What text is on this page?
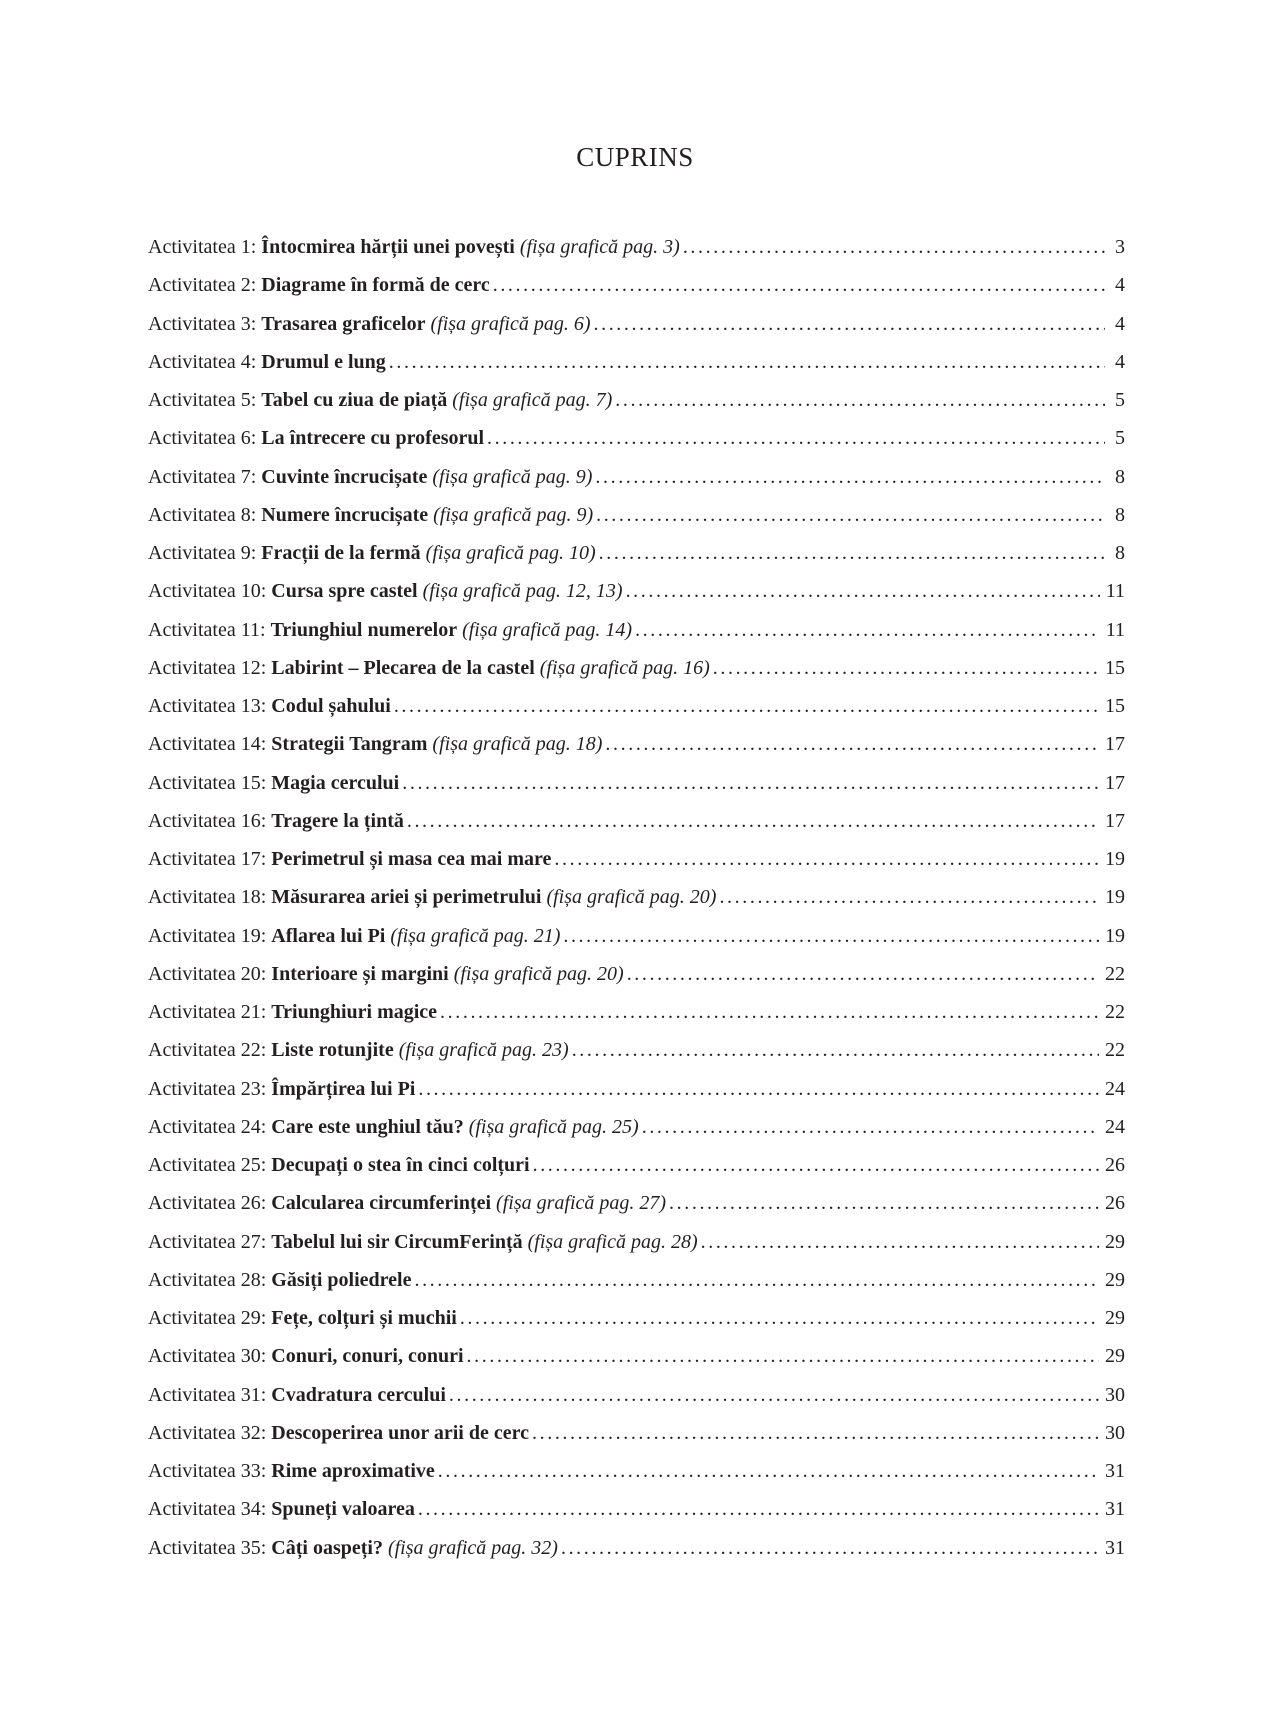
CUPRINS
Activitatea 1: Întocmirea hărții unei povești (fișa grafică pag. 3) . . .	3
Activitatea 2: Diagrame în formă de cerc . . .	4
Activitatea 3: Trasarea graficelor (fișa grafică pag. 6) . . .	4
Activitatea 4: Drumul e lung . . .	4
Activitatea 5: Tabel cu ziua de piață (fișa grafică pag. 7) . . .	5
Activitatea 6: La întrecere cu profesorul . . .	5
Activitatea 7: Cuvinte încrucișate (fișa grafică pag. 9) . . .	8
Activitatea 8: Numere încrucișate (fișa grafică pag. 9) . . .	8
Activitatea 9: Fracții de la fermă (fișa grafică pag. 10) . . .	8
Activitatea 10: Cursa spre castel (fișa grafică pag. 12, 13) . . .	11
Activitatea 11: Triunghiul numerelor (fișa grafică pag. 14) . . .	11
Activitatea 12: Labirint – Plecarea de la castel (fișa grafică pag. 16) . . .	15
Activitatea 13: Codul șahului . . .	15
Activitatea 14: Strategii Tangram (fișa grafică pag. 18) . . .	17
Activitatea 15: Magia cercului . . .	17
Activitatea 16: Tragere la țintă . . .	17
Activitatea 17: Perimetrul și masa cea mai mare . . .	19
Activitatea 18: Măsurarea ariei și perimetrului (fișa grafică pag. 20) . . .	19
Activitatea 19: Aflarea lui Pi (fișa grafică pag. 21) . . .	19
Activitatea 20: Interioare și margini (fișa grafică pag. 20) . . .	22
Activitatea 21: Triunghiuri magice . . .	22
Activitatea 22: Liste rotunjite (fișa grafică pag. 23) . . .	22
Activitatea 23: Împărțirea lui Pi . . .	24
Activitatea 24: Care este unghiul tău? (fișa grafică pag. 25) . . .	24
Activitatea 25: Decupați o stea în cinci colțuri . . .	26
Activitatea 26: Calcularea circumferinței (fișa grafică pag. 27) . . .	26
Activitatea 27: Tabelul lui sir CircumFerință (fișa grafică pag. 28) . . .	29
Activitatea 28: Găsiți poliedrele . . .	29
Activitatea 29: Fețe, colțuri și muchii . . .	29
Activitatea 30: Conuri, conuri, conuri . . .	29
Activitatea 31: Cvadratura cercului . . .	30
Activitatea 32: Descoperirea unor arii de cerc . . .	30
Activitatea 33: Rime aproximative . . .	31
Activitatea 34: Spuneți valoarea . . .	31
Activitatea 35: Câți oaspeți? (fișa grafică pag. 32) . . .	31
